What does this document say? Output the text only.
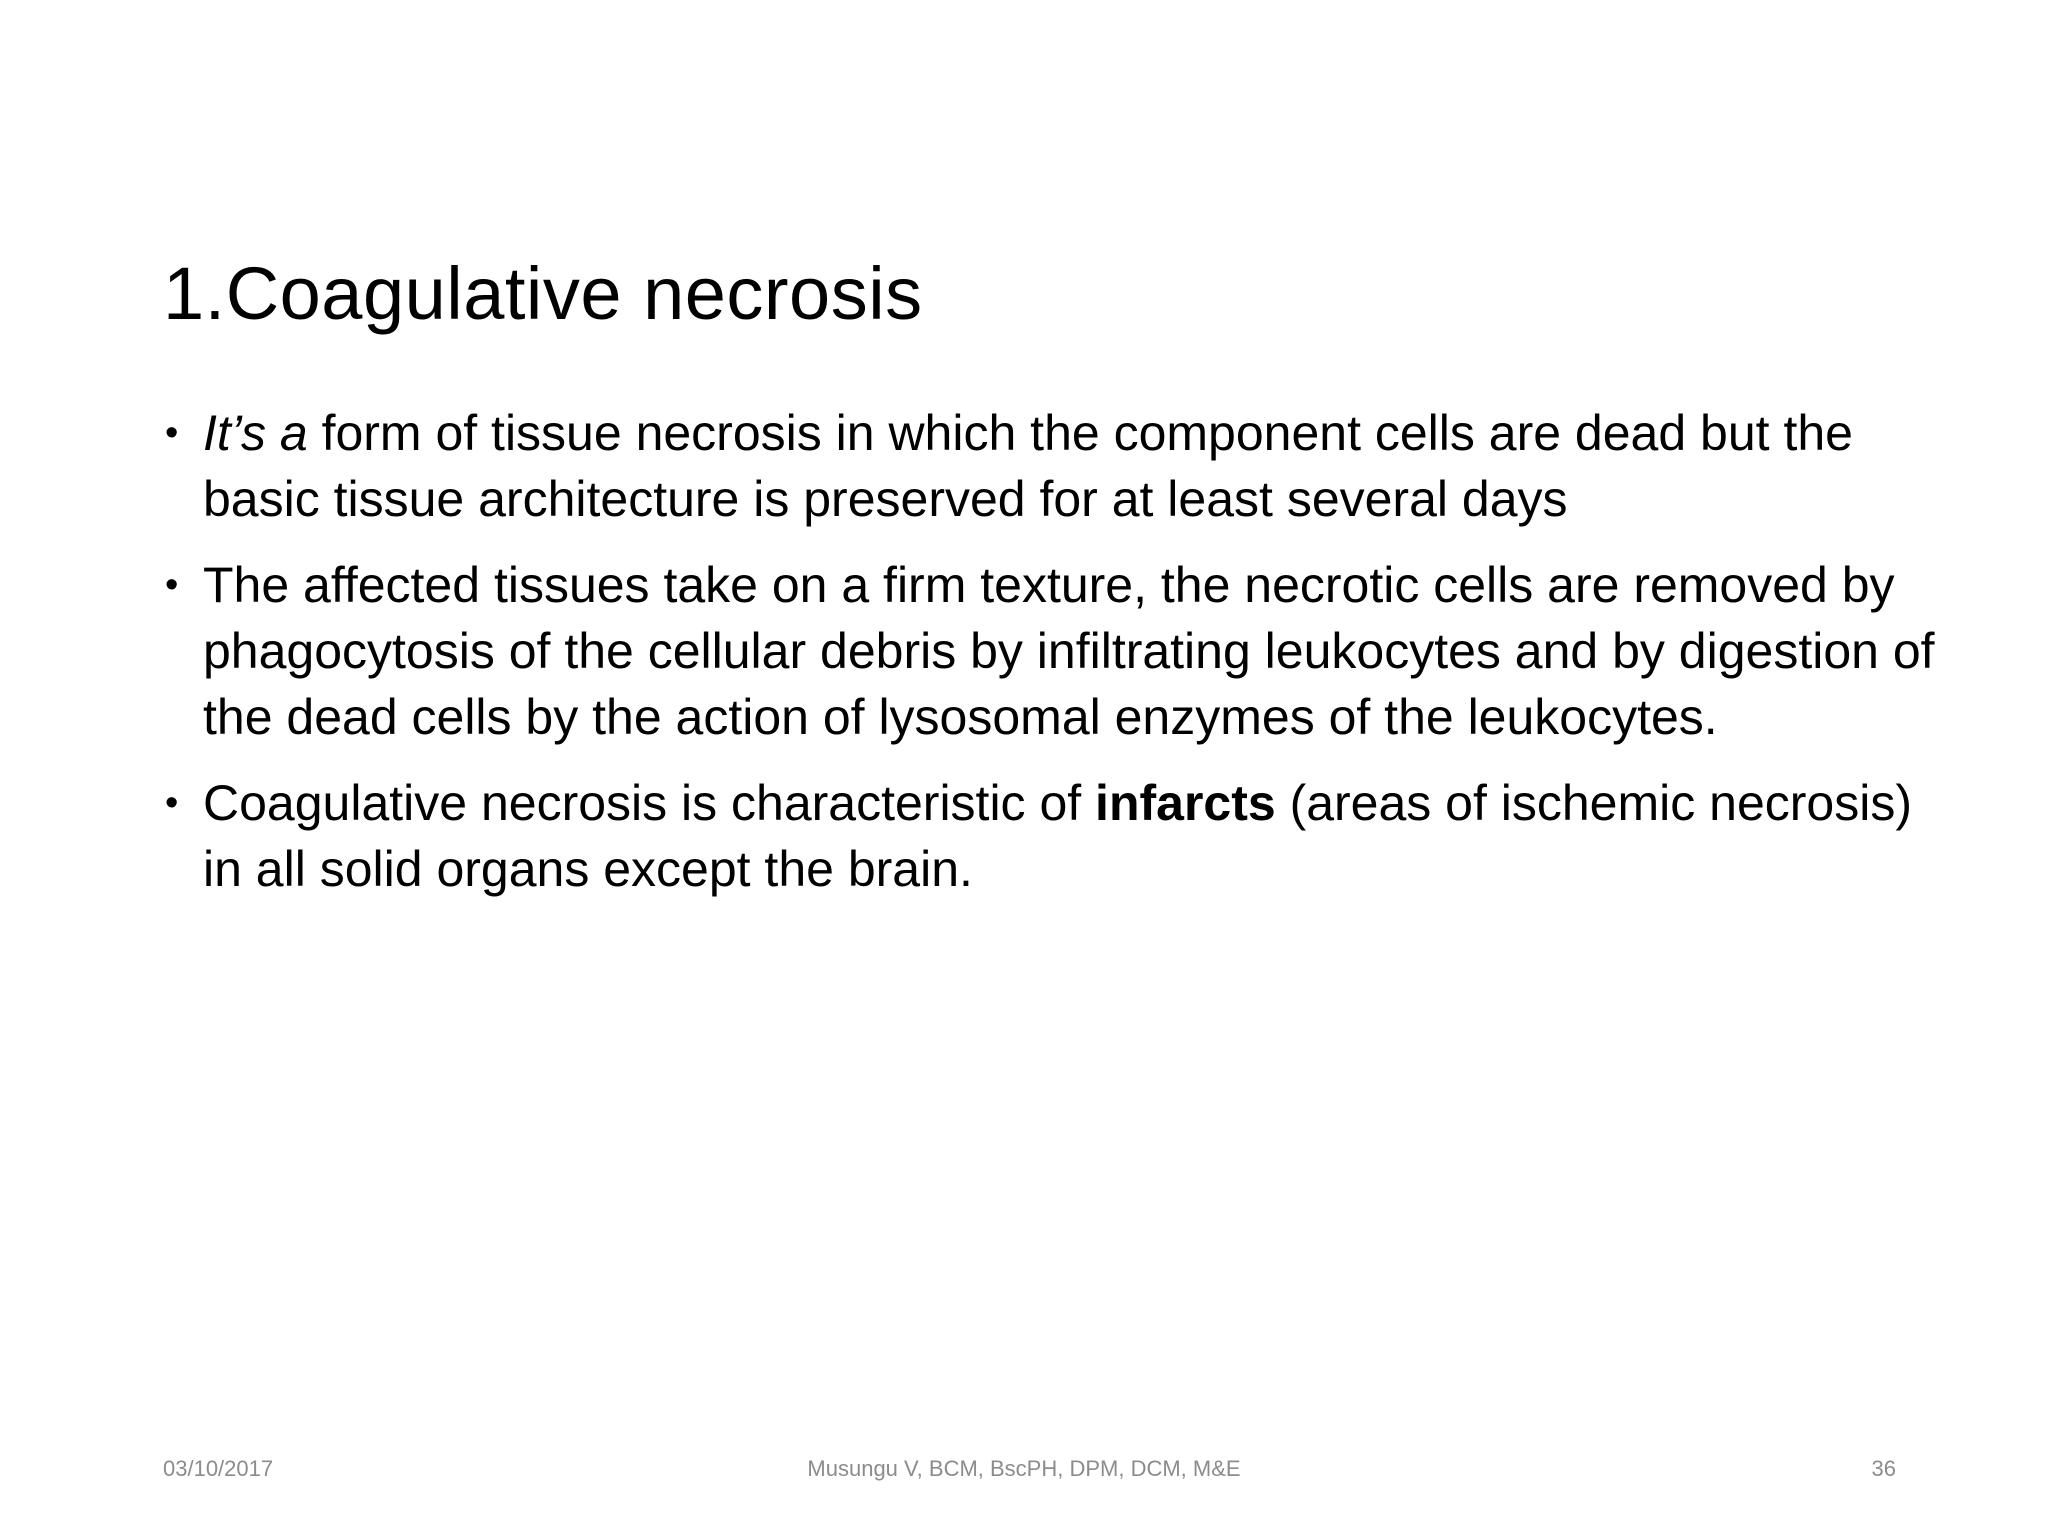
1.Coagulative necrosis
• It’s a form of tissue necrosis in which the component cells are dead but the basic tissue architecture is preserved for at least several days
• The affected tissues take on a firm texture, the necrotic cells are removed by phagocytosis of the cellular debris by infiltrating leukocytes and by digestion of the dead cells by the action of lysosomal enzymes of the leukocytes.
• Coagulative necrosis is characteristic of infarcts (areas of ischemic necrosis) in all solid organs except the brain.
03/10/2017	Musungu V, BCM, BscPH, DPM, DCM, M&E	36
